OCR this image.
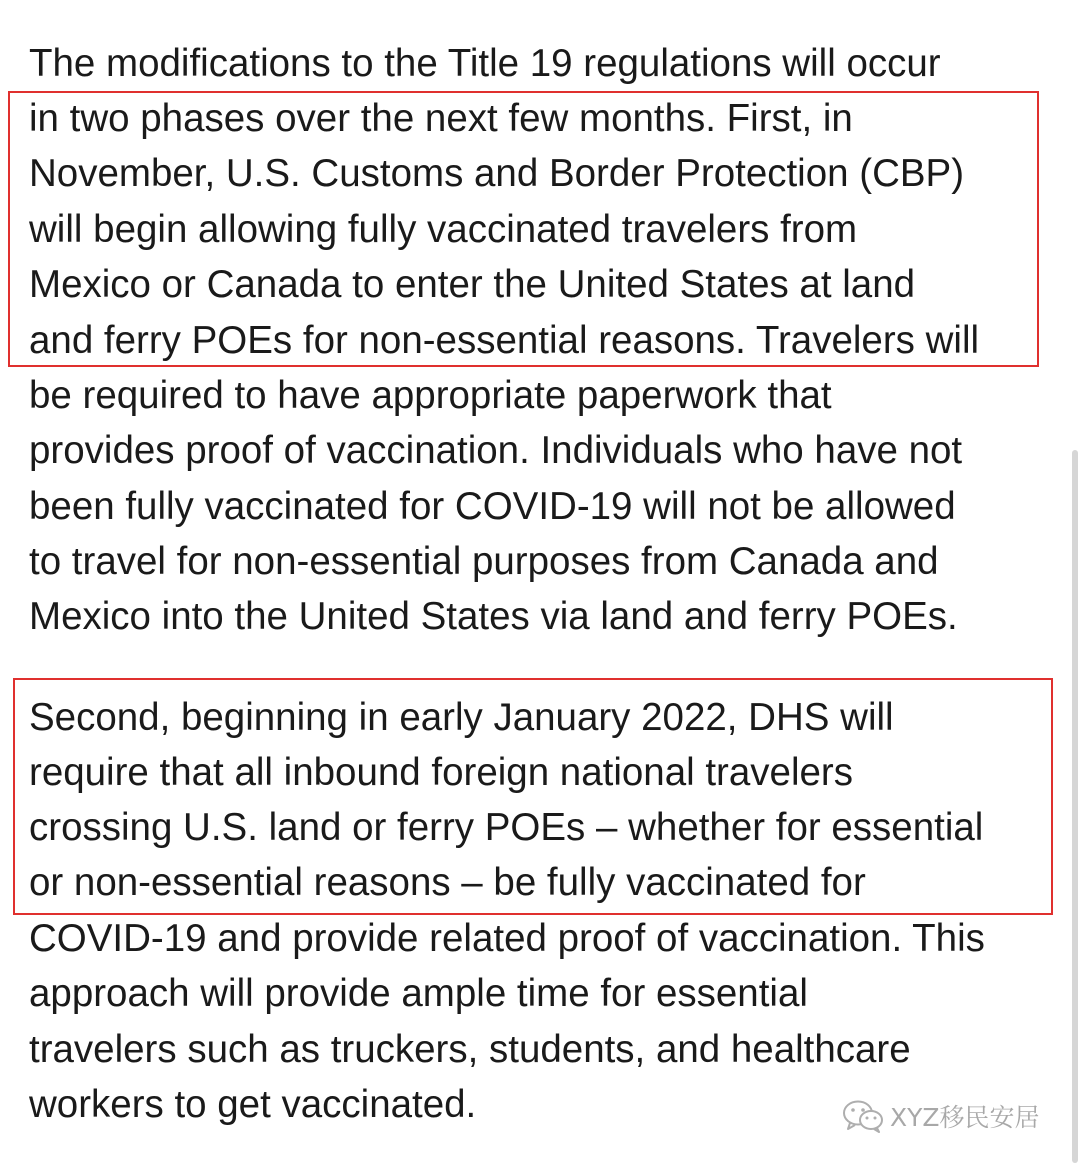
The modifications to the Title 19 regulations will occur
in two phases over the next few months. First, in
November, U.S. Customs and Border Protection (CBP)
will begin allowing fully vaccinated travelers from
Mexico or Canada to enter the United States at land
and ferry POEs for non-essential reasons. Travelers will
be required to have appropriate paperwork that
provides proof of vaccination. Individuals who have not
been fully vaccinated for COVID-19 will not be allowed
to travel for non-essential purposes from Canada and
Mexico into the United States via land and ferry POEs.
Second, beginning in early January 2022, DHS will
require that all inbound foreign national travelers
crossing U.S. land or ferry POEs – whether for essential
or non-essential reasons – be fully vaccinated for
COVID-19 and provide related proof of vaccination. This
approach will provide ample time for essential
travelers such as truckers, students, and healthcare
workers to get vaccinated.	XYZ移民安居
